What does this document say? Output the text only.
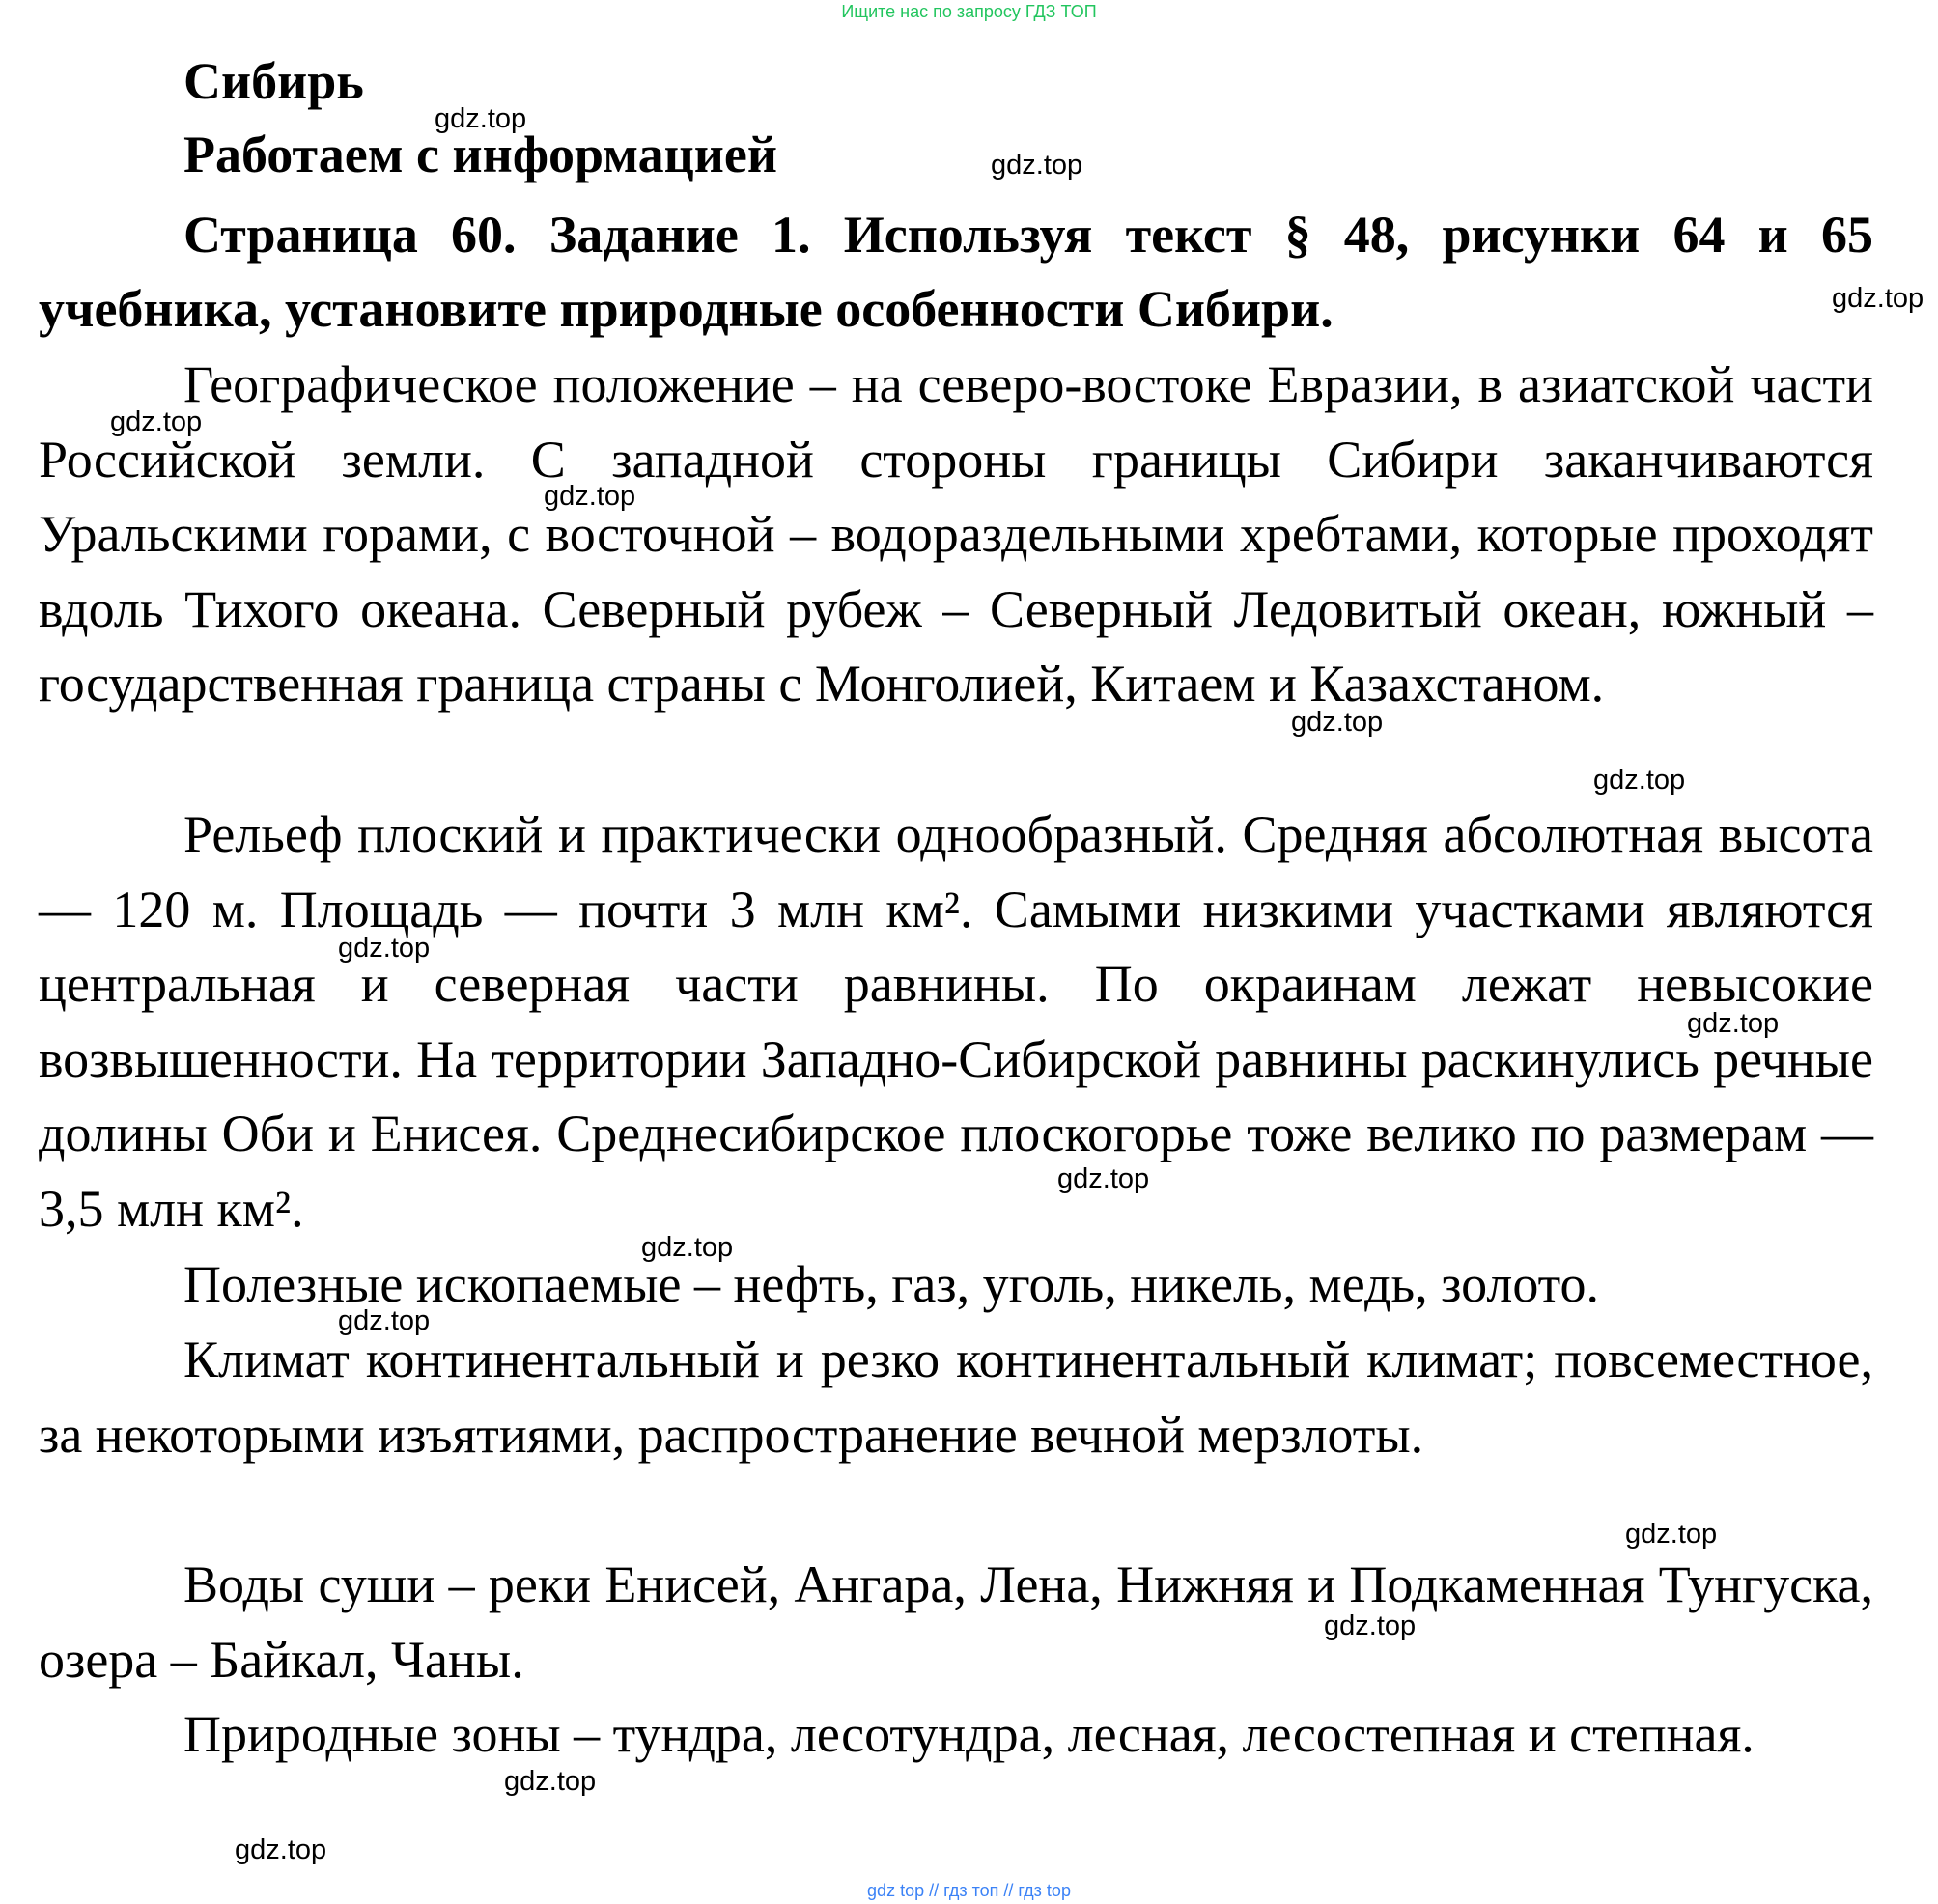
Ищите нас по запросу ГДЗ ТОП
Сибирь
Работаем с информацией
Страница 60. Задание 1. Используя текст § 48, рисунки 64 и 65 учебника, установите природные особенности Сибири.
Географическое положение – на северо-востоке Евразии, в азиатской части Российской земли. С западной стороны границы Сибири заканчиваются Уральскими горами, с восточной – водораздельными хребтами, которые проходят вдоль Тихого океана. Северный рубеж – Северный Ледовитый океан, южный – государственная граница страны с Монголией, Китаем и Казахстаном.
Рельеф плоский и практически однообразный. Средняя абсолютная высота — 120 м. Площадь — почти 3 млн км². Самыми низкими участками являются центральная и северная части равнины. По окраинам лежат невысокие возвышенности. На территории Западно-Сибирской равнины раскинулись речные долины Оби и Енисея. Среднесибирское плоскогорье тоже велико по размерам — 3,5 млн км².
Полезные ископаемые – нефть, газ, уголь, никель, медь, золото.
Климат континентальный и резко континентальный климат; повсеместное, за некоторыми изъятиями, распространение вечной мерзлоты.
Воды суши – реки Енисей, Ангара, Лена, Нижняя и Подкаменная Тунгуска, озера – Байкал, Чаны.
Природные зоны – тундра, лесотундра, лесная, лесостепная и степная.
gdz.top
gdz.top
gdz.top
gdz.top
gdz.top
gdz.top
gdz.top
gdz.top
gdz.top
gdz.top
gdz.top
gdz.top
gdz.top
gdz.top
gdz.top
gdz.top
gdz top // гдз топ // гдз top
